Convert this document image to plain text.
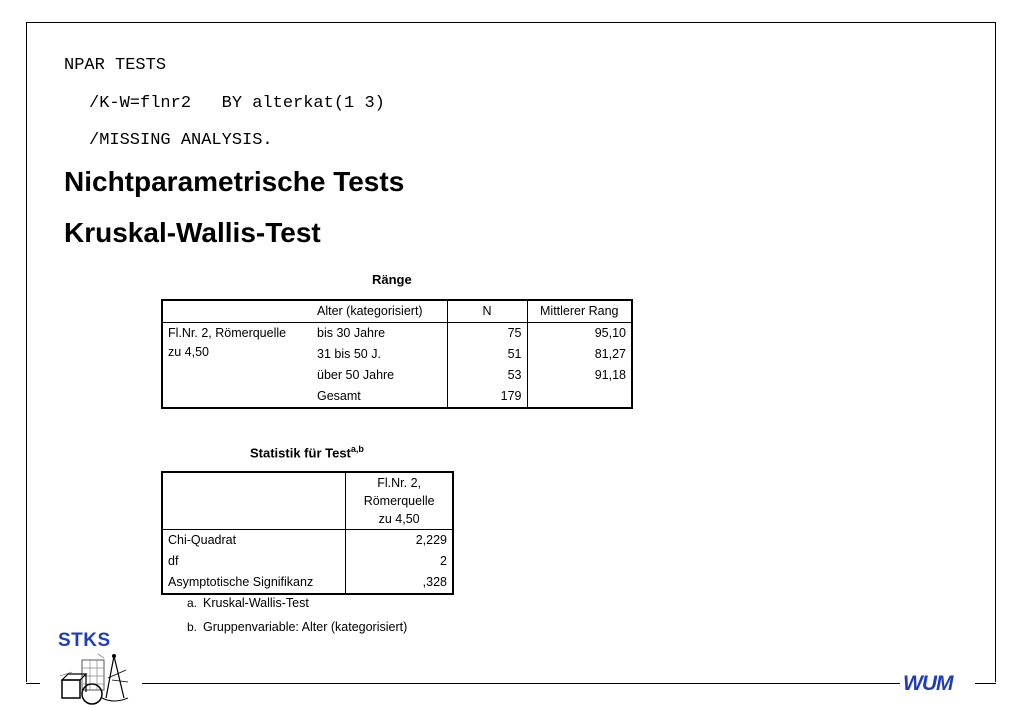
NPAR TESTS
/K-W=flnr2   BY alterkat(1 3)
/MISSING ANALYSIS.
Nichtparametrische Tests
Kruskal-Wallis-Test
Ränge
	Alter (kategorisiert)	N	Mittlerer Rang
Fl.Nr. 2, Römerquelle
zu 4,50	bis 30 Jahre	75	95,10
	31 bis 50 J.	51	81,27
	über 50 Jahre	53	91,18
	Gesamt	179	
Statistik für Test$^{a,b}$
	Fl.Nr. 2,
Römerquelle
zu 4,50
Chi-Quadrat	2,229
df	2
Asymptotische Signifikanz	,328
a. Kruskal-Wallis-Test
b. Gruppenvariable: Alter (kategorisiert)
STKS
WUM
